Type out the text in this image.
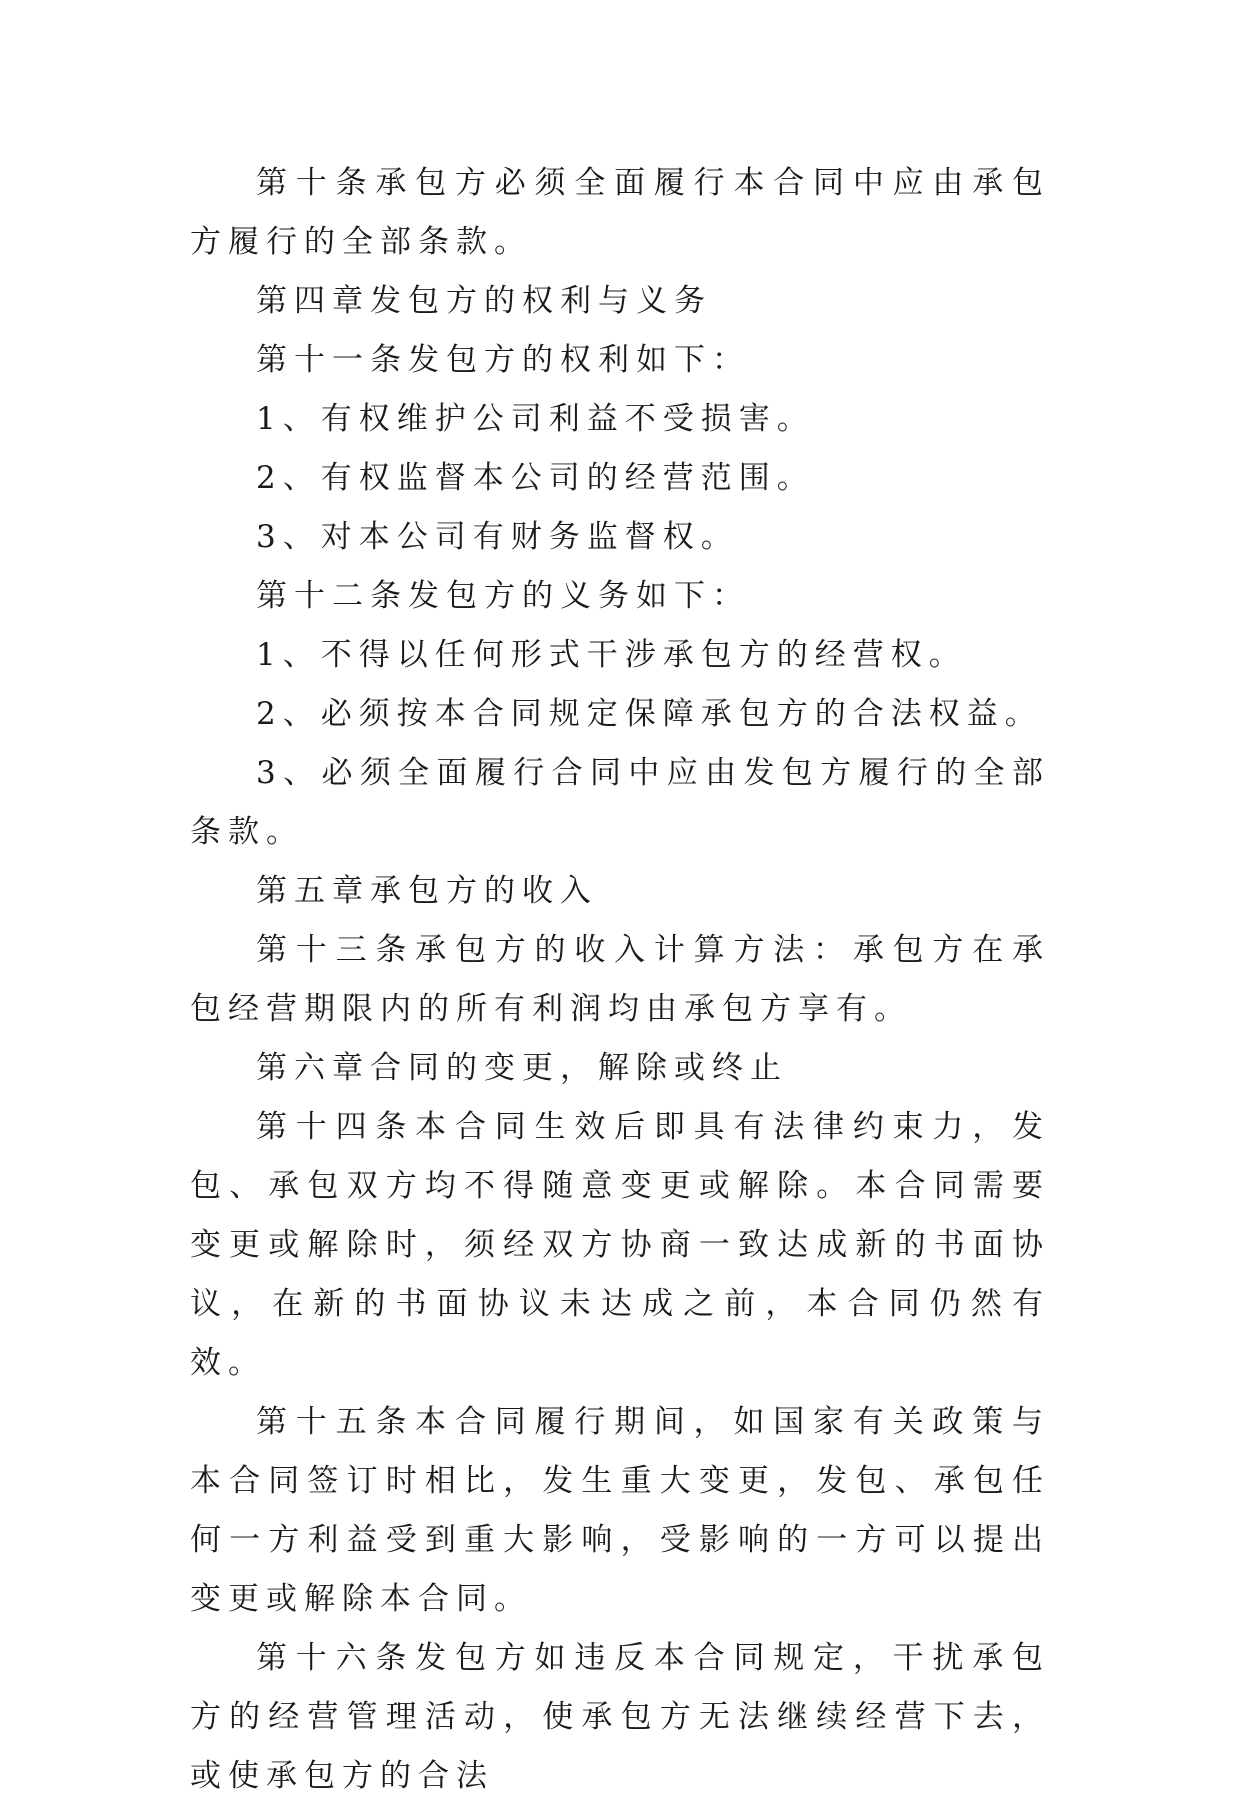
第十条承包方必须全面履行本合同中应由承包方履行的全部条款。

第四章发包方的权利与义务

第十一条发包方的权利如下：

1、有权维护公司利益不受损害。

2、有权监督本公司的经营范围。

3、对本公司有财务监督权。

第十二条发包方的义务如下：

1、不得以任何形式干涉承包方的经营权。

2、必须按本合同规定保障承包方的合法权益。

3、必须全面履行合同中应由发包方履行的全部条款。

第五章承包方的收入

第十三条承包方的收入计算方法：承包方在承包经营期限内的所有利润均由承包方享有。

第六章合同的变更，解除或终止

第十四条本合同生效后即具有法律约束力，发包、承包双方均不得随意变更或解除。本合同需要变更或解除时，须经双方协商一致达成新的书面协议，在新的书面协议未达成之前，本合同仍然有效。

第十五条本合同履行期间，如国家有关政策与本合同签订时相比，发生重大变更，发包、承包任何一方利益受到重大影响，受影响的一方可以提出变更或解除本合同。

第十六条发包方如违反本合同规定，干扰承包方的经营管理活动，使承包方无法继续经营下去，或使承包方的合法
